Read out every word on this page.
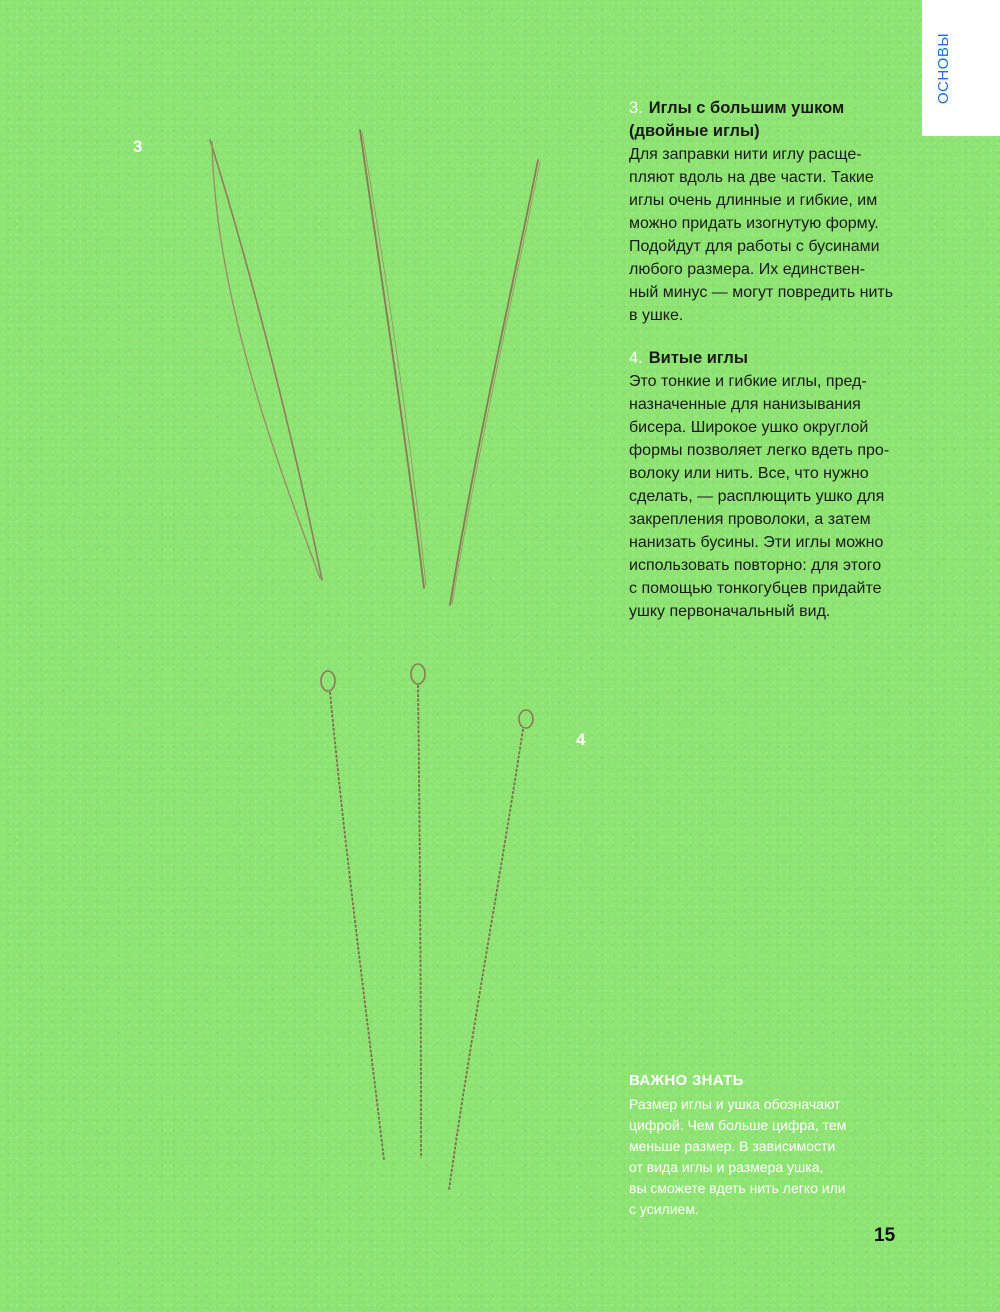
ОСНОВЫ
3
4
3. Иглы с большим ушком
(двойные иглы)

Для заправки нити иглу расще-

пляют вдоль на две части. Такие

иглы очень длинные и гибкие, им

можно придать изогнутую форму.

Подойдут для работы с бусинами

любого размера. Их единствен-

ный минус — могут повредить нить

в ушке.

4. Витые иглы

Это тонкие и гибкие иглы, пред-

назначенные для нанизывания

бисера. Широкое ушко округлой

формы позволяет легко вдеть про-

волоку или нить. Все, что нужно

сделать, — расплющить ушко для

закрепления проволоки, а затем

нанизать бусины. Эти иглы можно

использовать повторно: для этого

с помощью тонкогубцев придайте

ушку первоначальный вид.

ВАЖНО ЗНАТЬ

Размер иглы и ушка обозначают

цифрой. Чем больше цифра, тем

меньше размер. В зависимости

от вида иглы и размера ушка,

вы сможете вдеть нить легко или

с усилием.

15
